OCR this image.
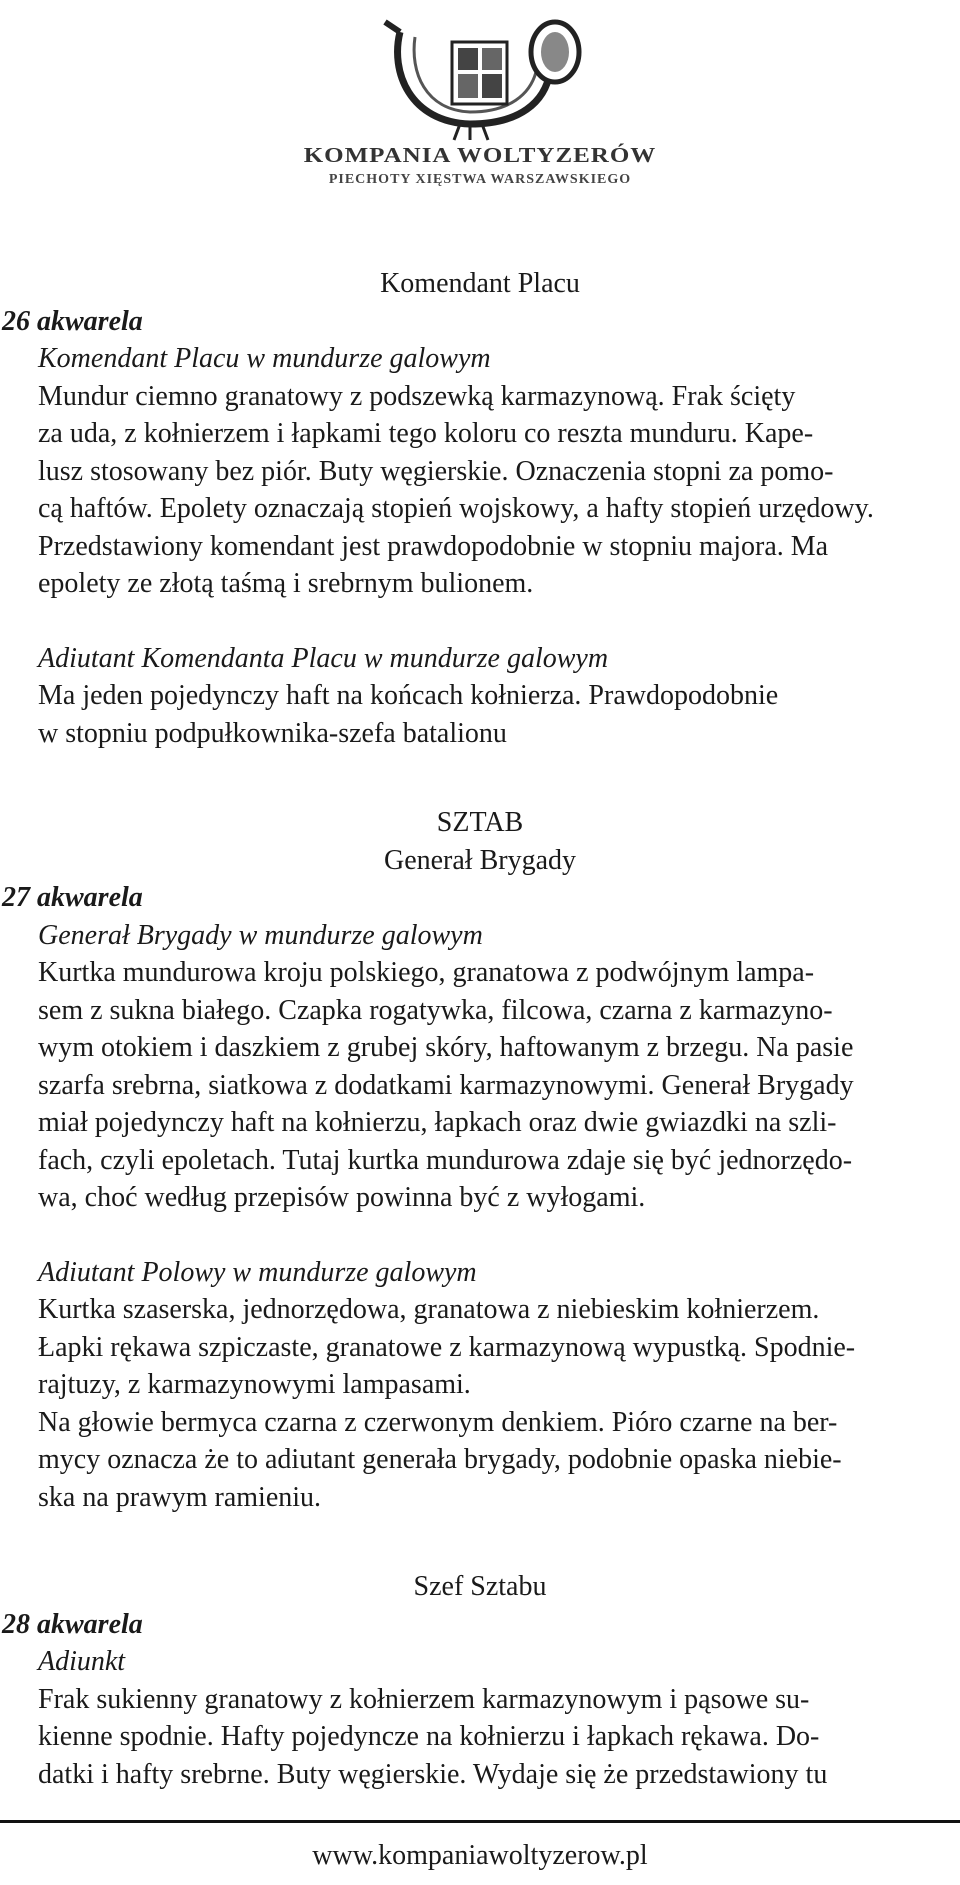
KOMPANIA WOLTYZERÓW
PIECHOTY XIĘSTWA WARSZAWSKIEGO
Komendant Placu
26 akwarela
Komendant Placu w mundurze galowym
Mundur ciemno granatowy z podszewką karmazynową. Frak ścięty
za uda, z kołnierzem i łapkami tego koloru co reszta munduru. Kape-
lusz stosowany bez piór. Buty węgierskie. Oznaczenia stopni za pomo-
cą haftów. Epolety oznaczają stopień wojskowy, a hafty stopień urzędowy.
Przedstawiony komendant jest prawdopodobnie w stopniu majora. Ma
epolety ze złotą taśmą i srebrnym bulionem.
Adiutant Komendanta Placu w mundurze galowym
Ma jeden pojedynczy haft na końcach kołnierza. Prawdopodobnie
w stopniu podpułkownika-szefa batalionu
SZTAB
Generał Brygady
27 akwarela
Generał Brygady w mundurze galowym
Kurtka mundurowa kroju polskiego, granatowa z podwójnym lampa-
sem z sukna białego. Czapka rogatywka, filcowa, czarna z karmazyno-
wym otokiem i daszkiem z grubej skóry, haftowanym z brzegu. Na pasie
szarfa srebrna, siatkowa z dodatkami karmazynowymi. Generał Brygady
miał pojedynczy haft na kołnierzu, łapkach oraz dwie gwiazdki na szli-
fach, czyli epoletach. Tutaj kurtka mundurowa zdaje się być jednorzędo-
wa, choć według przepisów powinna być z wyłogami.
Adiutant Polowy w mundurze galowym
Kurtka szaserska, jednorzędowa, granatowa z niebieskim kołnierzem.
Łapki rękawa szpiczaste, granatowe z karmazynową wypustką. Spodnie-
rajtuzy, z karmazynowymi lampasami.
Na głowie bermyca czarna z czerwonym denkiem. Pióro czarne na ber-
mycy oznacza że to adiutant generała brygady, podobnie opaska niebie-
ska na prawym ramieniu.
Szef Sztabu
28 akwarela
Adiunkt
Frak sukienny granatowy z kołnierzem karmazynowym i pąsowe su-
kienne spodnie. Hafty pojedyncze na kołnierzu i łapkach rękawa. Do-
datki i hafty srebrne. Buty węgierskie. Wydaje się że przedstawiony tu
www.kompaniawoltyzerow.pl
